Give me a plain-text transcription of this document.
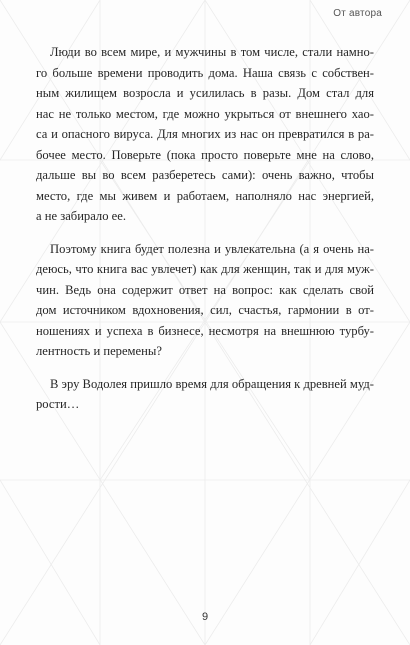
От автора

Люди во всем мире, и мужчины в том числе, стали намно-
го больше времени проводить дома. Наша связь с собствен-
ным жилищем возросла и усилилась в разы. Дом стал для
нас не только местом, где можно укрыться от внешнего хао-
са и опасного вируса. Для многих из нас он превратился в ра-
бочее место. Поверьте (пока просто поверьте мне на слово,
дальше вы во всем разберетесь сами): очень важно, чтобы
место, где мы живем и работаем, наполняло нас энергией,
а не забирало ее.

Поэтому книга будет полезна и увлекательна (а я очень на-
деюсь, что книга вас увлечет) как для женщин, так и для муж-
чин. Ведь она содержит ответ на вопрос: как сделать свой
дом источником вдохновения, сил, счастья, гармонии в от-
ношениях и успеха в бизнесе, несмотря на внешнюю турбу-
лентность и перемены?

В эру Водолея пришло время для обращения к древней муд-
рости…

9
